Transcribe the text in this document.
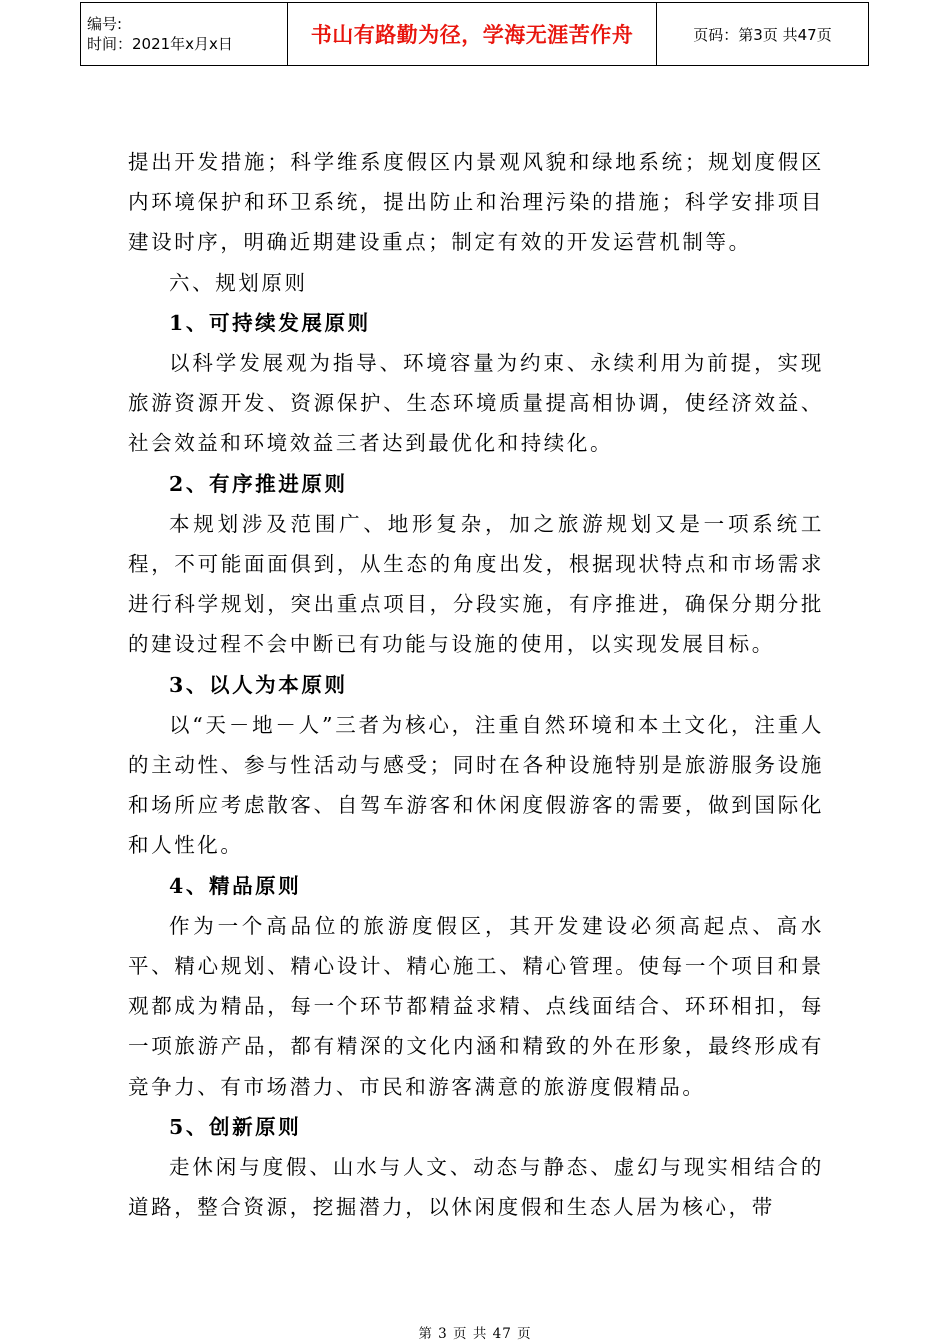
编号:
时间：2021年x月x日	书山有路勤为径，学海无涯苦作舟	页码：第3页 共47页

提出开发措施；科学维系度假区内景观风貌和绿地系统；规划度假区内环境保护和环卫系统，提出防止和治理污染的措施；科学安排项目建设时序，明确近期建设重点；制定有效的开发运营机制等。

六、规划原则
1、可持续发展原则

以科学发展观为指导、环境容量为约束、永续利用为前提，实现旅游资源开发、资源保护、生态环境质量提高相协调，使经济效益、社会效益和环境效益三者达到最优化和持续化。

2、有序推进原则

本规划涉及范围广、地形复杂，加之旅游规划又是一项系统工程，不可能面面俱到，从生态的角度出发，根据现状特点和市场需求进行科学规划，突出重点项目，分段实施，有序推进，确保分期分批的建设过程不会中断已有功能与设施的使用，以实现发展目标。

3、以人为本原则

以“天－地－人”三者为核心，注重自然环境和本土文化，注重人的主动性、参与性活动与感受；同时在各种设施特别是旅游服务设施和场所应考虑散客、自驾车游客和休闲度假游客的需要，做到国际化和人性化。

4、精品原则

作为一个高品位的旅游度假区，其开发建设必须高起点、高水平、精心规划、精心设计、精心施工、精心管理。使每一个项目和景观都成为精品，每一个环节都精益求精、点线面结合、环环相扣，每一项旅游产品，都有精深的文化内涵和精致的外在形象，最终形成有竞争力、有市场潜力、市民和游客满意的旅游度假精品。

5、创新原则

走休闲与度假、山水与人文、动态与静态、虚幻与现实相结合的道路，整合资源，挖掘潜力，以休闲度假和生态人居为核心，带

第 3 页 共 47 页
